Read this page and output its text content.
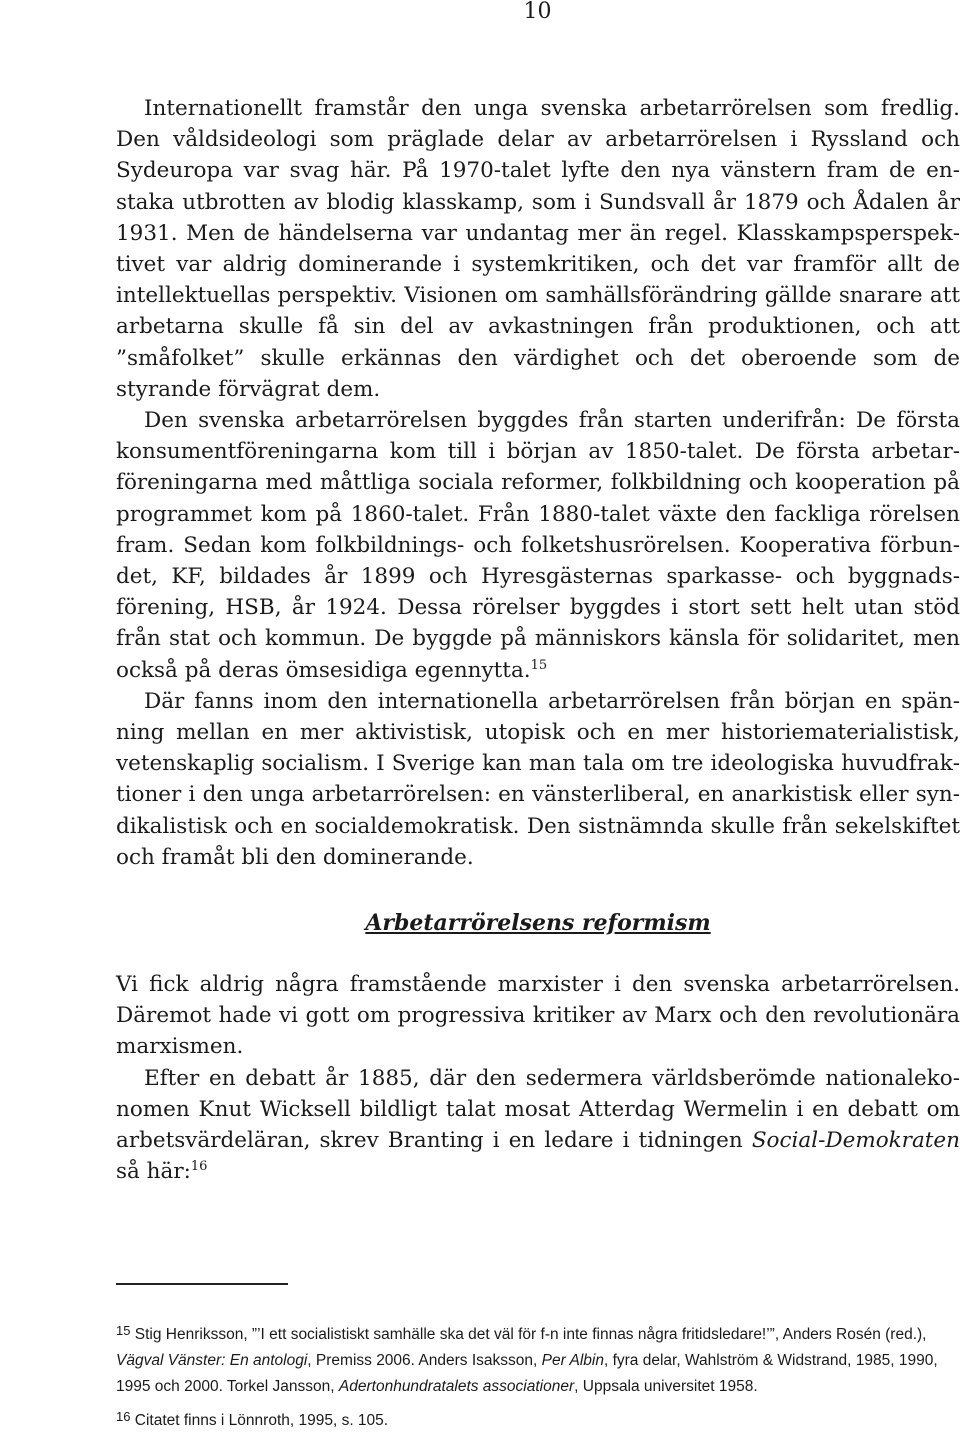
10

Internationellt framstår den unga svenska arbetarrörelsen som fredlig. Den våldsideologi som präglade delar av arbetarrörelsen i Ryssland och Sydeuropa var svag här. På 1970-talet lyfte den nya vänstern fram de enstaka utbrotten av blodig klasskamp, som i Sundsvall år 1879 och Ådalen år 1931. Men de händelserna var undantag mer än regel. Klasskampsperspektivet var aldrig dominerande i systemkritiken, och det var framför allt de intellektuellas perspektiv. Visionen om samhällsförändring gällde snarare att arbetarna skulle få sin del av avkastningen från produktionen, och att ”småfolket” skulle erkännas den värdighet och det oberoende som de styrande förvägrat dem.

Den svenska arbetarrörelsen byggdes från starten underifrån: De första konsumentföreningarna kom till i början av 1850-talet. De första arbetarföreningarna med måttliga sociala reformer, folkbildning och kooperation på programmet kom på 1860-talet. Från 1880-talet växte den fackliga rörelsen fram. Sedan kom folkbildnings- och folketshusrörelsen. Kooperativa förbundet, KF, bildades år 1899 och Hyresgästernas sparkasse- och byggnadsförening, HSB, år 1924. Dessa rörelser byggdes i stort sett helt utan stöd från stat och kommun. De byggde på människors känsla för solidaritet, men också på deras ömsesidiga egennytta.$^{15}$

Där fanns inom den internationella arbetarrörelsen från början en spänning mellan en mer aktivistisk, utopisk och en mer historiematerialistisk, vetenskaplig socialism. I Sverige kan man tala om tre ideologiska huvudfraktioner i den unga arbetarrörelsen: en vänsterliberal, en anarkistisk eller syndikalistisk och en socialdemokratisk. Den sistnämnda skulle från sekelskiftet och framåt bli den dominerande.

Arbetarrörelsens reformism

Vi fick aldrig några framstående marxister i den svenska arbetarrörelsen. Däremot hade vi gott om progressiva kritiker av Marx och den revolutionära marxismen.

Efter en debatt år 1885, där den sedermera världsberömde nationalekonomen Knut Wicksell bildligt talat mosat Atterdag Wermelin i en debatt om arbetsvärdeläran, skrev Branting i en ledare i tidningen Social-Demokraten så här:$^{16}$

$^{15}$ Stig Henriksson, ”’I ett socialistiskt samhälle ska det väl för f-n inte finnas några fritidsledare!’”, Anders Rosén (red.), Vägval Vänster: En antologi, Premiss 2006. Anders Isaksson, Per Albin, fyra delar, Wahlström & Widstrand, 1985, 1990, 1995 och 2000. Torkel Jansson, Adertonhundratalets associationer, Uppsala universitet 1958.

$^{16}$ Citatet finns i Lönnroth, 1995, s. 105.
